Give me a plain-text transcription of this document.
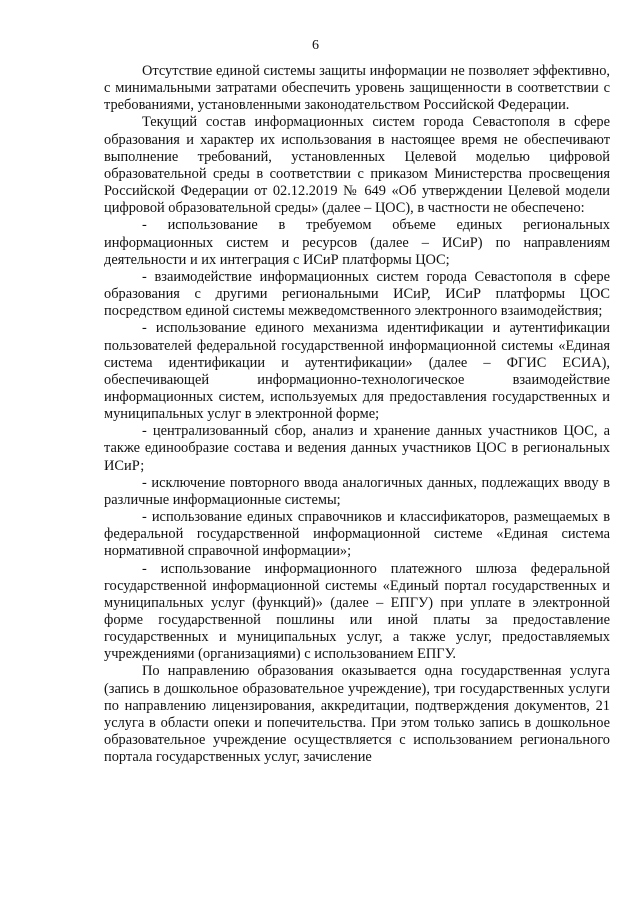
6

Отсутствие единой системы защиты информации не позволяет эффективно, с минимальными затратами обеспечить уровень защищенности в соответствии с требованиями, установленными законодательством Российской Федерации.

Текущий состав информационных систем города Севастополя в сфере образования и характер их использования в настоящее время не обеспечивают выполнение требований, установленных Целевой моделью цифровой образовательной среды в соответствии с приказом Министерства просвещения Российской Федерации от 02.12.2019 № 649 «Об утверждении Целевой модели цифровой образовательной среды» (далее – ЦОС), в частности не обеспечено:

- использование в требуемом объеме единых региональных информационных систем и ресурсов (далее – ИСиР) по направлениям деятельности и их интеграция с ИСиР платформы ЦОС;

- взаимодействие информационных систем города Севастополя в сфере образования с другими региональными ИСиР, ИСиР платформы ЦОС посредством единой системы межведомственного электронного взаимодействия;

- использование единого механизма идентификации и аутентификации пользователей федеральной государственной информационной системы «Единая система идентификации и аутентификации» (далее – ФГИС ЕСИА), обеспечивающей информационно-технологическое взаимодействие информационных систем, используемых для предоставления государственных и муниципальных услуг в электронной форме;

- централизованный сбор, анализ и хранение данных участников ЦОС, а также единообразие состава и ведения данных участников ЦОС в региональных ИСиР;

- исключение повторного ввода аналогичных данных, подлежащих вводу в различные информационные системы;

- использование единых справочников и классификаторов, размещаемых в федеральной государственной информационной системе «Единая система нормативной справочной информации»;

- использование информационного платежного шлюза федеральной государственной информационной системы «Единый портал государственных и муниципальных услуг (функций)» (далее – ЕПГУ) при уплате в электронной форме государственной пошлины или иной платы за предоставление государственных и муниципальных услуг, а также услуг, предоставляемых учреждениями (организациями) с использованием ЕПГУ.

По направлению образования оказывается одна государственная услуга (запись в дошкольное образовательное учреждение), три государственных услуги по направлению лицензирования, аккредитации, подтверждения документов, 21 услуга в области опеки и попечительства. При этом только запись в дошкольное образовательное учреждение осуществляется с использованием регионального портала государственных услуг, зачисление
